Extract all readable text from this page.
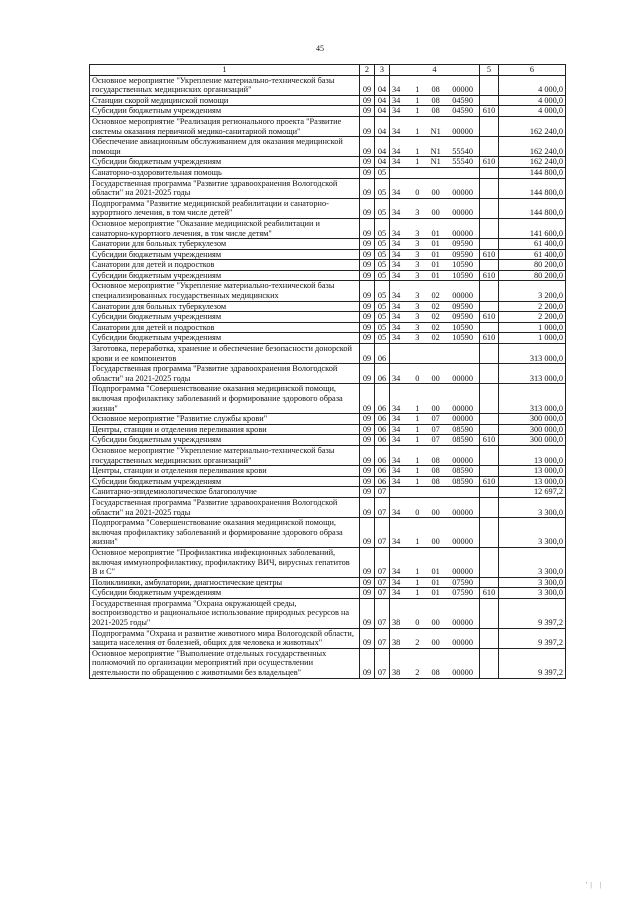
45
1	2	3	4	5	6
Основное мероприятие "Укрепление материально-технической базы государственных медицинских организаций"	09	04	34 1 08 00000		4 000,0
Станции скорой медицинской помощи	09	04	34 1 08 04590		4 000,0
Субсидии бюджетным учреждениям	09	04	34 1 08 04590	610	4 000,0
Основное мероприятие "Реализация регионального проекта "Развитие системы оказания первичной медико-санитарной помощи"	09	04	34 1 N1 00000		162 240,0
Обеспечение авиационным обслуживанием для оказания медицинской помощи	09	04	34 1 N1 55540		162 240,0
Субсидии бюджетным учреждениям	09	04	34 1 N1 55540	610	162 240,0
Санаторно-оздоровительная помощь	09	05			144 800,0
Государственная программа "Развитие здравоохранения Вологодской области" на 2021-2025 годы	09	05	34 0 00 00000		144 800,0
Подпрограмма "Развитие медицинской реабилитации и санаторно-курортного лечения, в том числе детей"	09	05	34 3 00 00000		144 800,0
Основное мероприятие "Оказание медицинской реабилитации и санаторно-курортного лечения, в том числе детям"	09	05	34 3 01 00000		141 600,0
Санатории для больных туберкулезом	09	05	34 3 01 09590		61 400,0
Субсидии бюджетным учреждениям	09	05	34 3 01 09590	610	61 400,0
Санатории для детей и подростков	09	05	34 3 01 10590		80 200,0
Субсидии бюджетным учреждениям	09	05	34 3 01 10590	610	80 200,0
Основное мероприятие "Укрепление материально-технической базы специализированных государственных медицинских	09	05	34 3 02 00000		3 200,0
Санатории для больных туберкулезом	09	05	34 3 02 09590		2 200,0
Субсидии бюджетным учреждениям	09	05	34 3 02 09590	610	2 200,0
Санатории для детей и подростков	09	05	34 3 02 10590		1 000,0
Субсидии бюджетным учреждениям	09	05	34 3 02 10590	610	1 000,0
Заготовка, переработка, хранение и обеспечение безопасности донорской крови и ее компонентов	09	06			313 000,0
Государственная программа "Развитие здравоохранения Вологодской области" на 2021-2025 годы	09	06	34 0 00 00000		313 000,0
Подпрограмма "Совершенствование оказания медицинской помощи, включая профилактику заболеваний и формирование здорового образа жизни"	09	06	34 1 00 00000		313 000,0
Основное мероприятие "Развитие службы крови"	09	06	34 1 07 00000		300 000,0
Центры, станции и отделения переливания крови	09	06	34 1 07 08590		300 000,0
Субсидии бюджетным учреждениям	09	06	34 1 07 08590	610	300 000,0
Основное мероприятие "Укрепление материально-технической базы государственных медицинских организаций"	09	06	34 1 08 00000		13 000,0
Центры, станции и отделения переливания крови	09	06	34 1 08 08590		13 000,0
Субсидии бюджетным учреждениям	09	06	34 1 08 08590	610	13 000,0
Санитарно-эпидемиологическое благополучие	09	07			12 697,2
Государственная программа "Развитие здравоохранения Вологодской области" на 2021-2025 годы	09	07	34 0 00 00000		3 300,0
Подпрограмма "Совершенствование оказания медицинской помощи, включая профилактику заболеваний и формирование здорового образа жизни"	09	07	34 1 00 00000		3 300,0
Основное мероприятие "Профилактика инфекционных заболеваний, включая иммунопрофилактику, профилактику ВИЧ, вирусных гепатитов В и С"	09	07	34 1 01 00000		3 300,0
Поликлиники, амбулатории, диагностические центры	09	07	34 1 01 07590		3 300,0
Субсидии бюджетным учреждениям	09	07	34 1 01 07590	610	3 300,0
Государственная программа "Охрана окружающей среды, воспроизводство и рациональное использование природных ресурсов на 2021-2025 годы"	09	07	38 0 00 00000		9 397,2
Подпрограмма "Охрана и развитие животного мира Вологодской области, защита населения от болезней, общих для человека и животных"	09	07	38 2 00 00000		9 397,2
Основное мероприятие "Выполнение отдельных государственных полномочий по организации мероприятий при осуществлении деятельности по обращению с животными без владельцев"	09	07	38 2 08 00000		9 397,2
'| |
